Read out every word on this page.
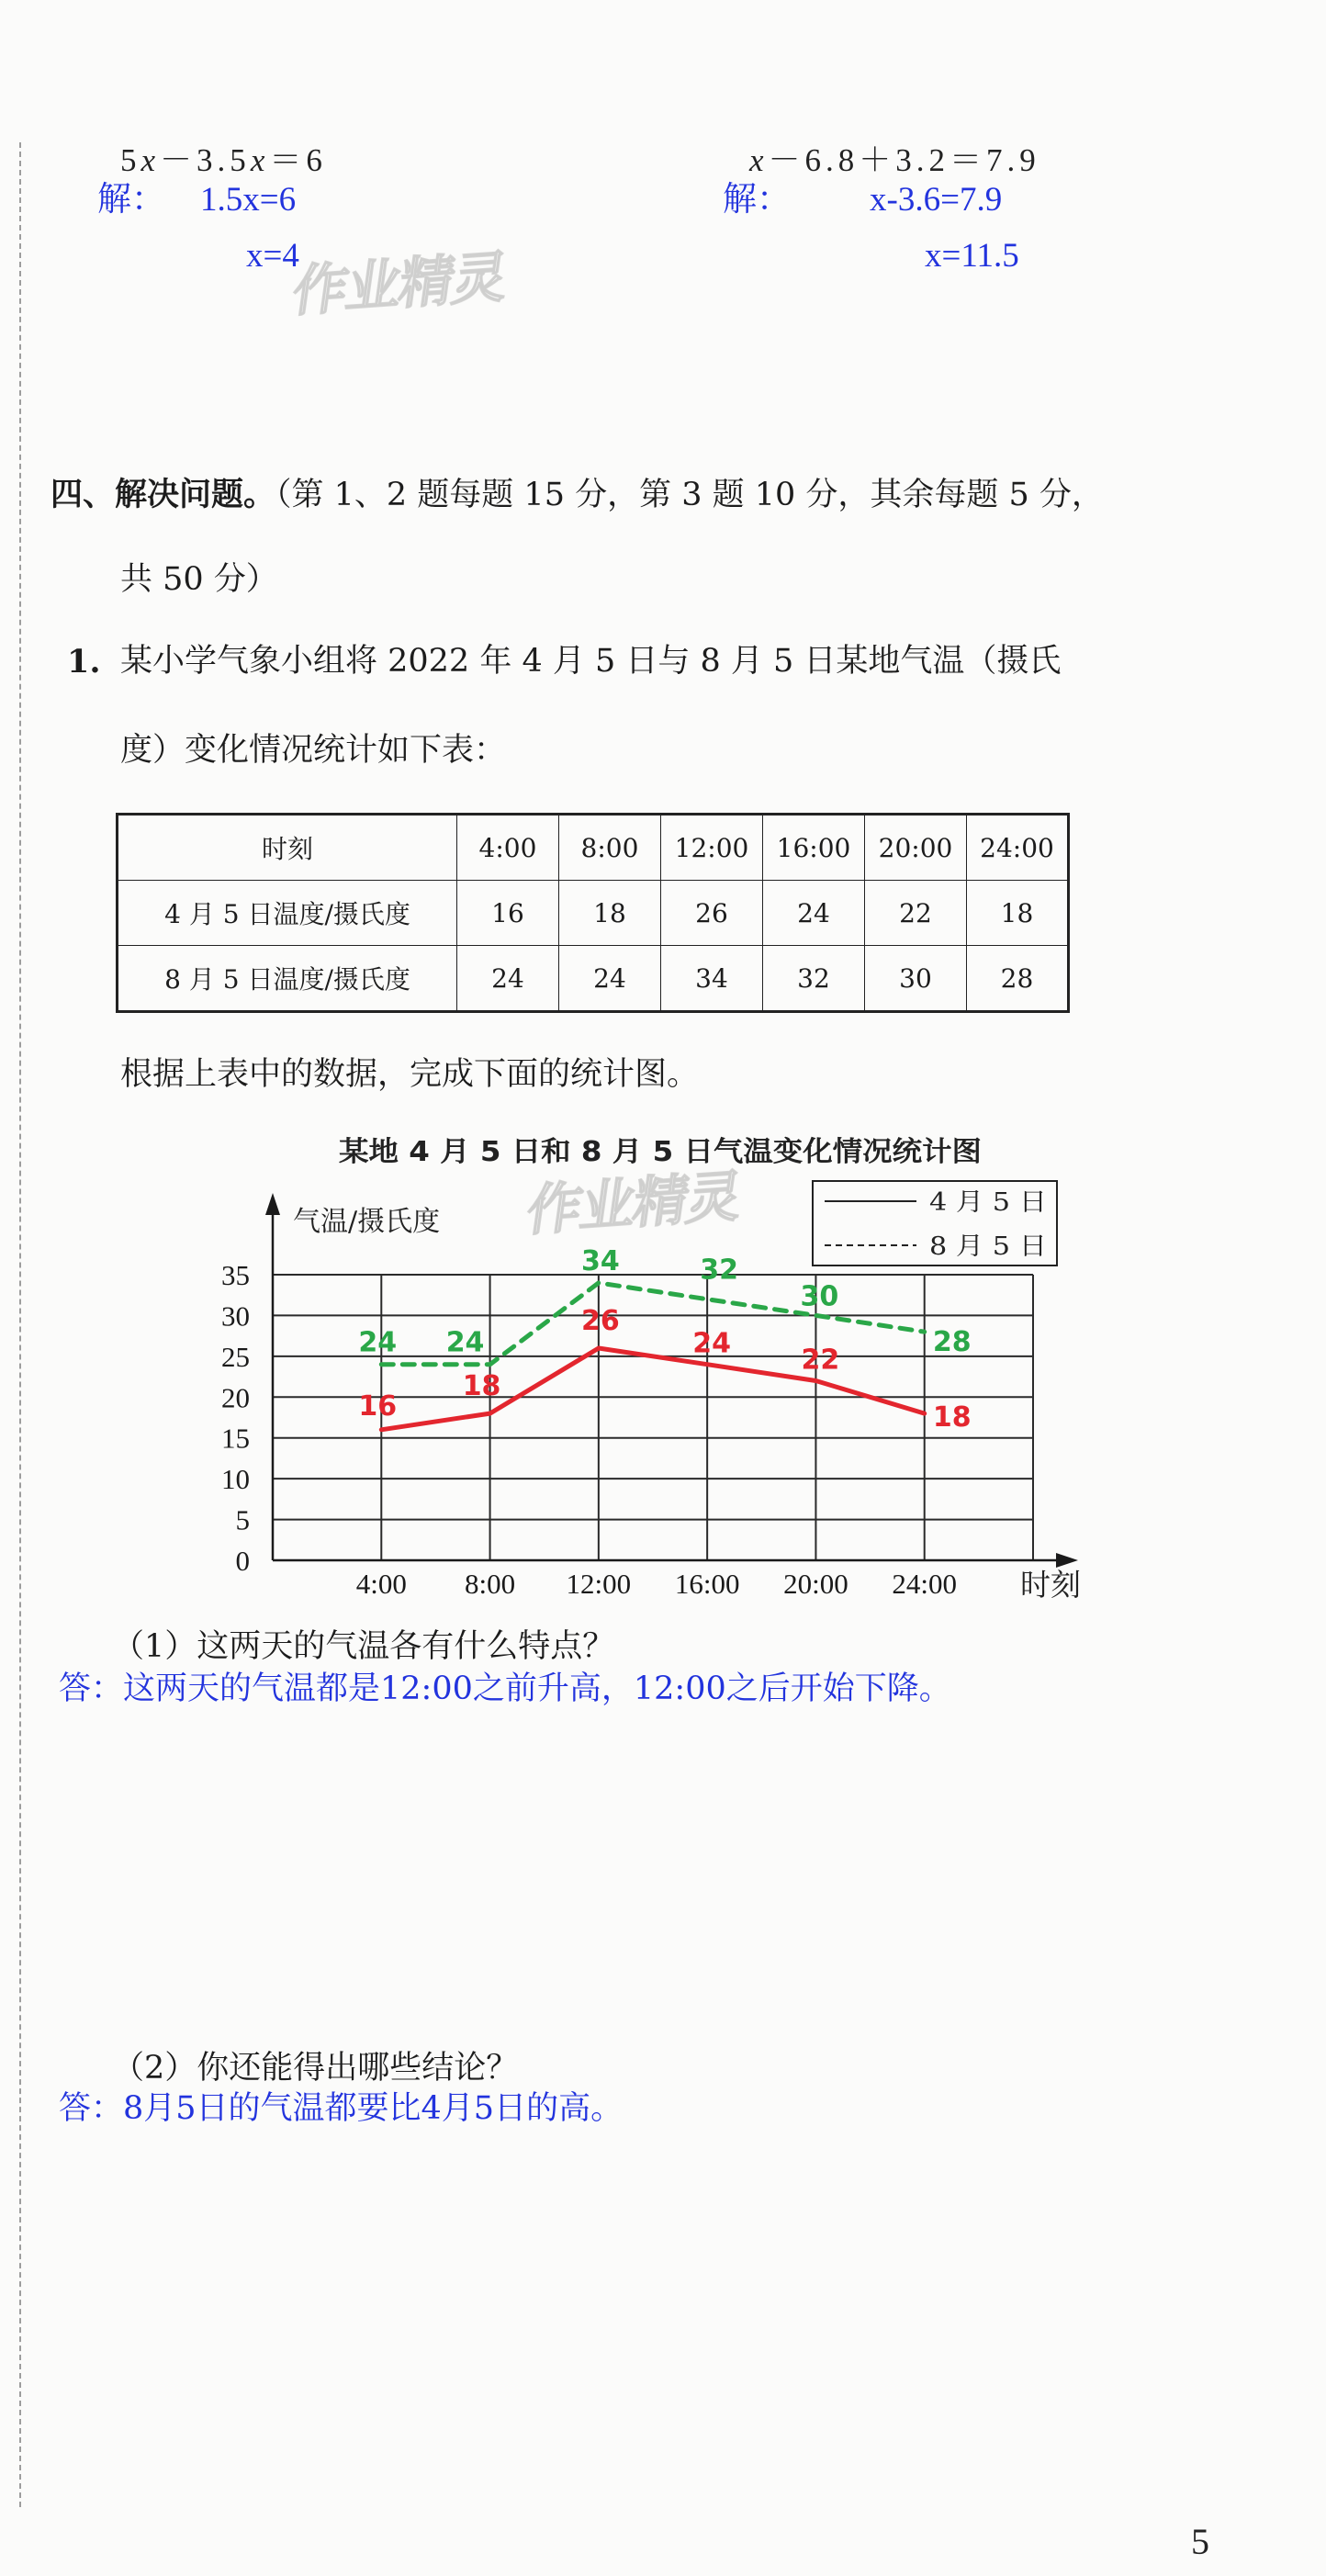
作业精灵
作业精灵
5x－3.5x＝6
解： 1.5x=6
x=4
x－6.8＋3.2＝7.9
解： x-3.6=7.9
x=11.5
四、解决问题。（第 1、2 题每题 15 分，第 3 题 10 分，其余每题 5 分，
共 50 分）
1. 某小学气象小组将 2022 年 4 月 5 日与 8 月 5 日某地气温（摄氏
度）变化情况统计如下表：
时刻	4:00	8:00	12:00	16:00	20:00	24:00
4 月 5 日温度/摄氏度	16	18	26	24	22	18
8 月 5 日温度/摄氏度	24	24	34	32	30	28
根据上表中的数据，完成下面的统计图。
某地 4 月 5 日和 8 月 5 日气温变化情况统计图
气温/摄氏度
4 月 5 日
8 月 5 日
0
5
10
15
20
25
30
35
4:00 8:00 12:00 16:00 20:00 24:00 时刻
16
18
26
24
22
18
24 24
34	32
30
28
（1）这两天的气温各有什么特点？
答：这两天的气温都是12:00之前升高，12:00之后开始下降。
（2）你还能得出哪些结论？
答：8月5日的气温都要比4月5日的高。
5
